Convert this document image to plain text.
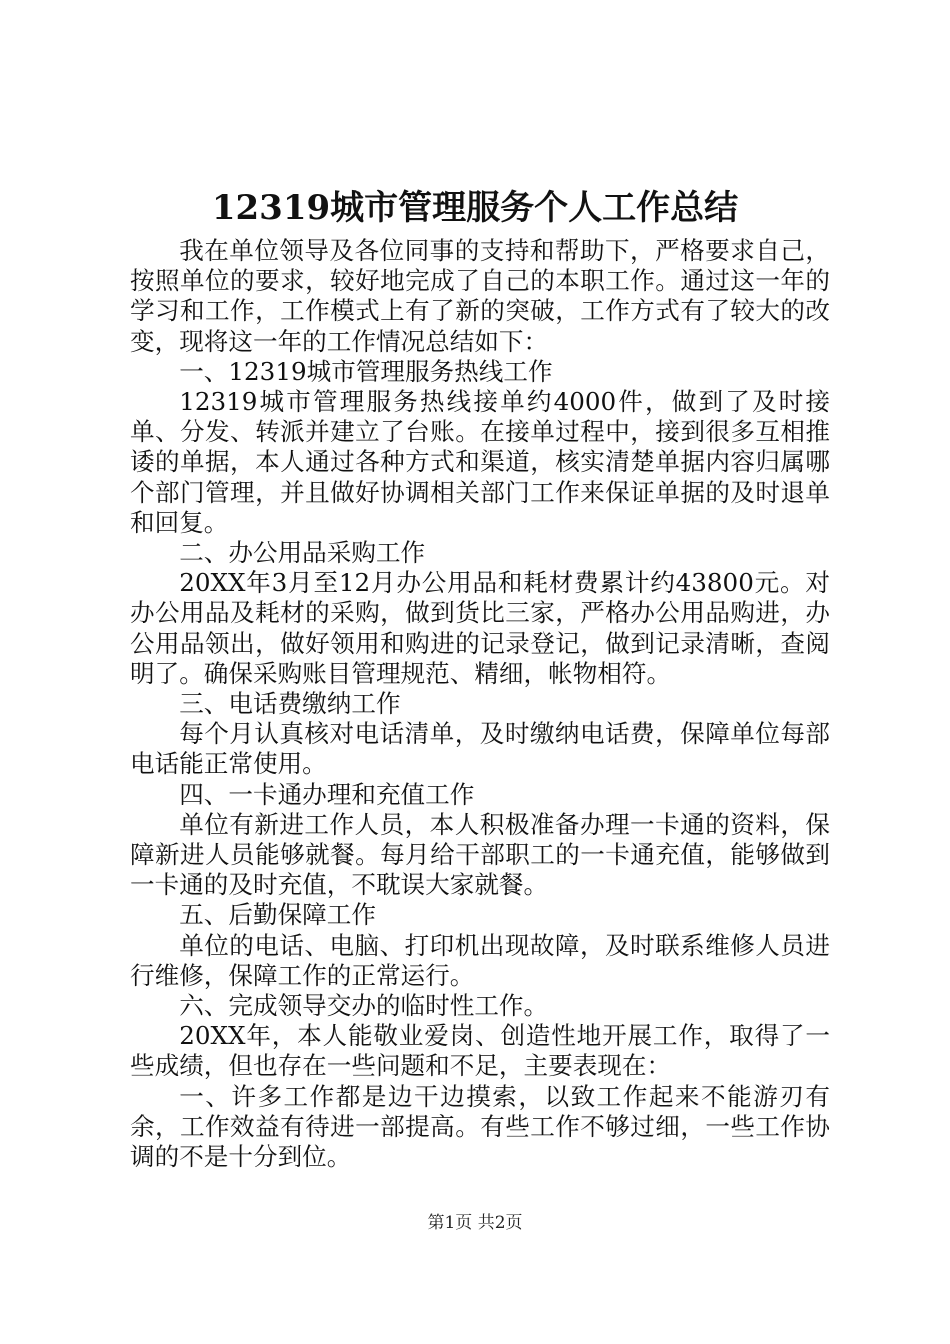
12319城市管理服务个人工作总结

我在单位领导及各位同事的支持和帮助下，严格要求自己，按照单位的要求，较好地完成了自己的本职工作。通过这一年的学习和工作，工作模式上有了新的突破，工作方式有了较大的改变，现将这一年的工作情况总结如下：

一、12319城市管理服务热线工作

12319城市管理服务热线接单约4000件，做到了及时接单、分发、转派并建立了台账。在接单过程中，接到很多互相推诿的单据，本人通过各种方式和渠道，核实清楚单据内容归属哪个部门管理，并且做好协调相关部门工作来保证单据的及时退单和回复。

二、办公用品采购工作

20XX年3月至12月办公用品和耗材费累计约43800元。对办公用品及耗材的采购，做到货比三家，严格办公用品购进，办公用品领出，做好领用和购进的记录登记，做到记录清晰，查阅明了。确保采购账目管理规范、精细，帐物相符。

三、电话费缴纳工作

每个月认真核对电话清单，及时缴纳电话费，保障单位每部电话能正常使用。

四、一卡通办理和充值工作

单位有新进工作人员，本人积极准备办理一卡通的资料，保障新进人员能够就餐。每月给干部职工的一卡通充值，能够做到一卡通的及时充值，不耽误大家就餐。

五、后勤保障工作

单位的电话、电脑、打印机出现故障，及时联系维修人员进行维修，保障工作的正常运行。

六、完成领导交办的临时性工作。

20XX年，本人能敬业爱岗、创造性地开展工作，取得了一些成绩，但也存在一些问题和不足，主要表现在：

一、许多工作都是边干边摸索，以致工作起来不能游刃有余，工作效益有待进一部提高。有些工作不够过细，一些工作协调的不是十分到位。

第1页 共2页
